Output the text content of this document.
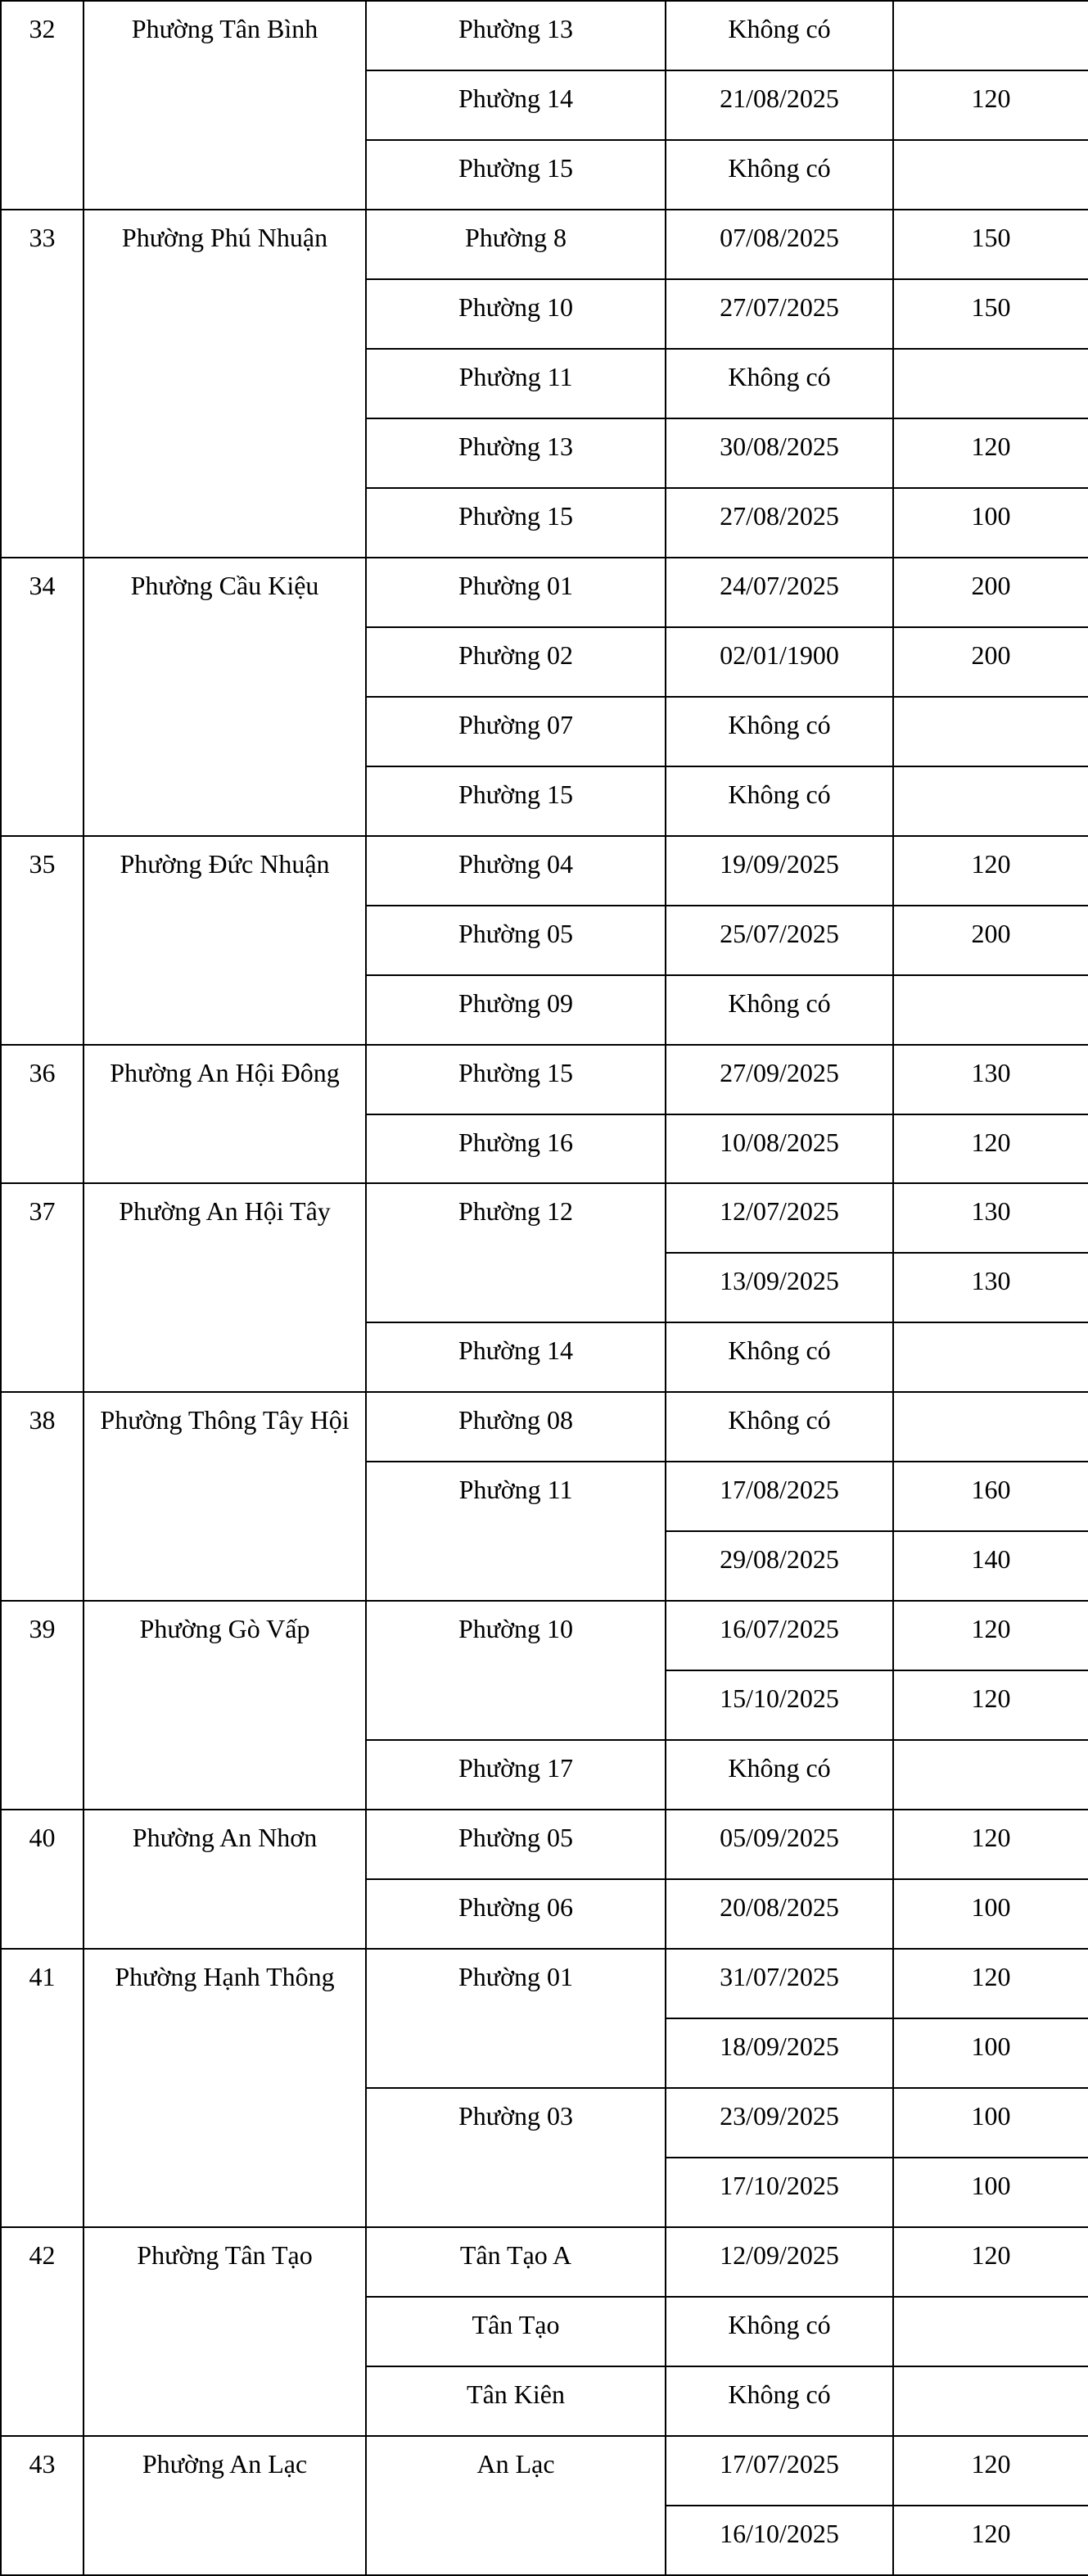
32	Phường Tân Bình	Phường 13	Không có	
		Phường 14	21/08/2025	120
		Phường 15	Không có	
33	Phường Phú Nhuận	Phường 8	07/08/2025	150
		Phường 10	27/07/2025	150
		Phường 11	Không có	
		Phường 13	30/08/2025	120
		Phường 15	27/08/2025	100
34	Phường Cầu Kiệu	Phường 01	24/07/2025	200
		Phường 02	02/01/1900	200
		Phường 07	Không có	
		Phường 15	Không có	
35	Phường Đức Nhuận	Phường 04	19/09/2025	120
		Phường 05	25/07/2025	200
		Phường 09	Không có	
36	Phường An Hội Đông	Phường 15	27/09/2025	130
		Phường 16	10/08/2025	120
37	Phường An Hội Tây	Phường 12	12/07/2025	130
			13/09/2025	130
		Phường 14	Không có	
38	Phường Thông Tây Hội	Phường 08	Không có	
		Phường 11	17/08/2025	160
			29/08/2025	140
39	Phường Gò Vấp	Phường 10	16/07/2025	120
			15/10/2025	120
		Phường 17	Không có	
40	Phường An Nhơn	Phường 05	05/09/2025	120
		Phường 06	20/08/2025	100
41	Phường Hạnh Thông	Phường 01	31/07/2025	120
			18/09/2025	100
		Phường 03	23/09/2025	100
			17/10/2025	100
42	Phường Tân Tạo	Tân Tạo A	12/09/2025	120
		Tân Tạo	Không có	
		Tân Kiên	Không có	
43	Phường An Lạc	An Lạc	17/07/2025	120
			16/10/2025	120
